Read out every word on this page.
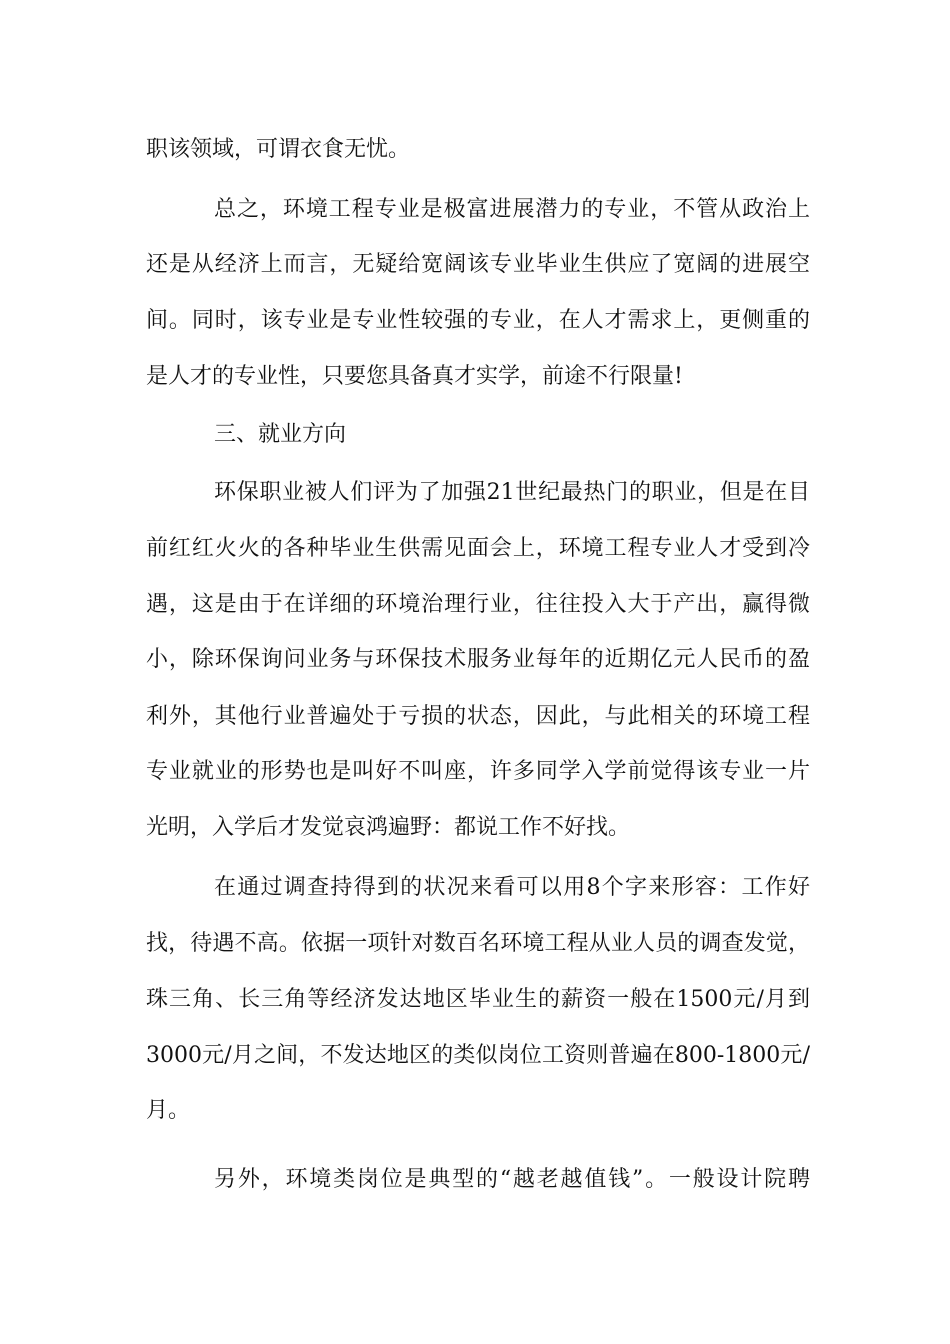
职该领域，可谓衣食无忧。
总之，环境工程专业是极富进展潜力的专业，不管从政治上
还是从经济上而言，无疑给宽阔该专业毕业生供应了宽阔的进展空
间。同时，该专业是专业性较强的专业，在人才需求上，更侧重的
是人才的专业性，只要您具备真才实学，前途不行限量!
三、就业方向
环保职业被人们评为了加强21世纪最热门的职业，但是在目
前红红火火的各种毕业生供需见面会上，环境工程专业人才受到冷
遇，这是由于在详细的环境治理行业，往往投入大于产出，赢得微
小，除环保询问业务与环保技术服务业每年的近期亿元人民币的盈
利外，其他行业普遍处于亏损的状态，因此，与此相关的环境工程
专业就业的形势也是叫好不叫座，许多同学入学前觉得该专业一片
光明，入学后才发觉哀鸿遍野：都说工作不好找。
在通过调查持得到的状况来看可以用8个字来形容：工作好
找，待遇不高。依据一项针对数百名环境工程从业人员的调查发觉，
珠三角、长三角等经济发达地区毕业生的薪资一般在1500元/月到
3000元/月之间，不发达地区的类似岗位工资则普遍在800-1800元/
月。
另外，环境类岗位是典型的“越老越值钱”。一般设计院聘
